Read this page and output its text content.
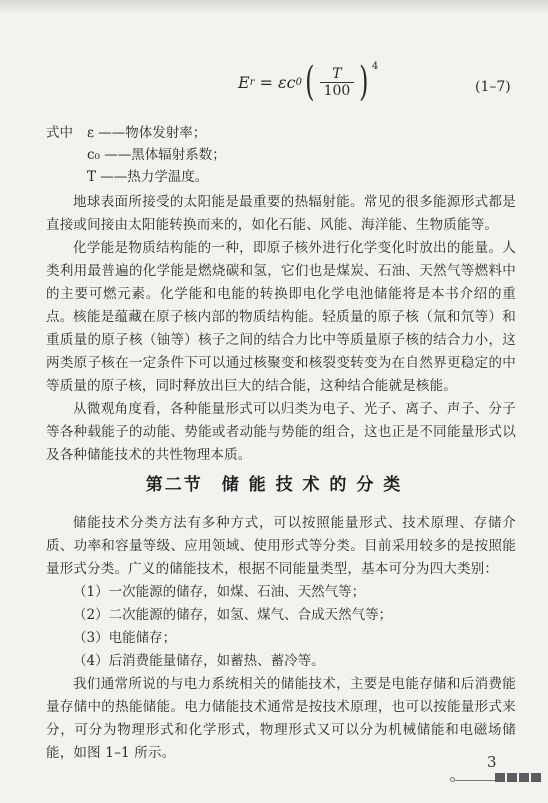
E r = εc 0 ( $\frac{T}{100}$ ) 4
(1–7)
式中 ε ——物体发射率；
c₀ ——黑体辐射系数；
T ——热力学温度。

地球表面所接受的太阳能是最重要的热辐射能。常见的很多能源形式都是直接或间接由太阳能转换而来的，如化石能、风能、海洋能、生物质能等。

化学能是物质结构能的一种，即原子核外进行化学变化时放出的能量。人类利用最普遍的化学能是燃烧碳和氢，它们也是煤炭、石油、天然气等燃料中的主要可燃元素。化学能和电能的转换即电化学电池储能将是本书介绍的重点。 核能是蕴藏在原子核内部的物质结构能。轻质量的原子核（氚和氘等）和重质量的原子核（铀等）核子之间的结合力比中等质量原子核的结合力小，这两类原子核在一定条件下可以通过核聚变和核裂变转变为在自然界更稳定的中等质量的原子核，同时释放出巨大的结合能，这种结合能就是核能。

从微观角度看，各种能量形式可以归类为电子、光子、离子、声子、分子等各种载能子的动能、势能或者动能与势能的组合，这也正是不同能量形式以及各种储能技术的共性物理本质。

第二节　储 能 技 术 的 分 类

储能技术分类方法有多种方式，可以按照能量形式、技术原理、存储介质、功率和容量等级、应用领域、使用形式等分类。目前采用较多的是按照能量形式分类。广义的储能技术，根据不同能量类型，基本可分为四大类别：

（1）一次能源的储存，如煤、石油、天然气等；
（2）二次能源的储存，如氢、煤气、合成天然气等；
（3）电能储存；
（4）后消费能量储存，如蓄热、蓄冷等。

我们通常所说的与电力系统相关的储能技术，主要是电能存储和后消费能量存储中的热能储能。电力储能技术通常是按技术原理，也可以按能量形式来分，可分为物理形式和化学形式，物理形式又可以分为机械储能和电磁场储能，如图 1–1 所示。	3
